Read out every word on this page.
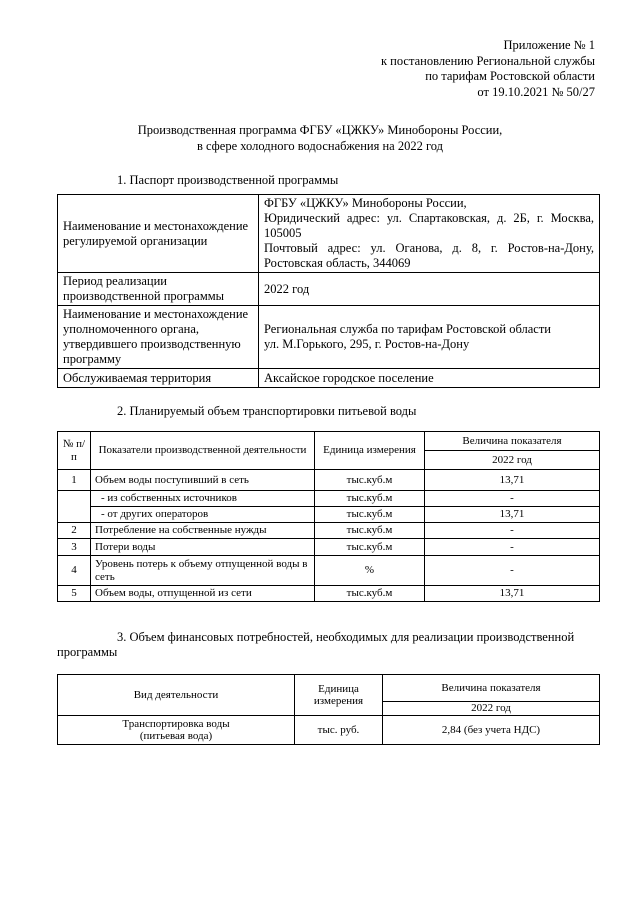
Приложение № 1
к постановлению Региональной службы
по тарифам Ростовской области
от 19.10.2021 № 50/27
Производственная программа ФГБУ «ЦЖКУ» Минобороны России,
в сфере холодного водоснабжения на 2022 год
1. Паспорт производственной программы
Наименование и местонахождение регулируемой организации	ФГБУ «ЦЖКУ» Минобороны России,
Юридический адрес: ул. Спартаковская, д. 2Б, г. Москва, 105005
Почтовый адрес: ул. Оганова, д. 8, г. Ростов-на-Дону, Ростовская область, 344069

Период реализации производственной программы	2022 год
Наименование и местонахождение уполномоченного органа, утвердившего производственную программу	Региональная служба по тарифам Ростовской области
ул. М.Горького, 295, г. Ростов-на-Дону

Обслуживаемая территория	Аксайское городское поселение
2. Планируемый объем транспортировки питьевой воды
№ п/п	Показатели производственной деятельности	Единица измерения	Величина показателя
			2022 год
1	Объем воды поступивший в сеть	тыс.куб.м	13,71
	- из собственных источников	тыс.куб.м	-
	- от других операторов	тыс.куб.м	13,71
2	Потребление на собственные нужды	тыс.куб.м	-
3	Потери воды	тыс.куб.м	-
4	Уровень потерь к объему отпущенной воды в сеть	%	-
5	Объем воды, отпущенной из сети	тыс.куб.м	13,71
3. Объем финансовых потребностей, необходимых для реализации производственной
программы
Вид деятельности	Единица измерения	Величина показателя
		2022 год

Транспортировка воды
(питьевая вода)	тыс. руб.	2,84 (без учета НДС)
